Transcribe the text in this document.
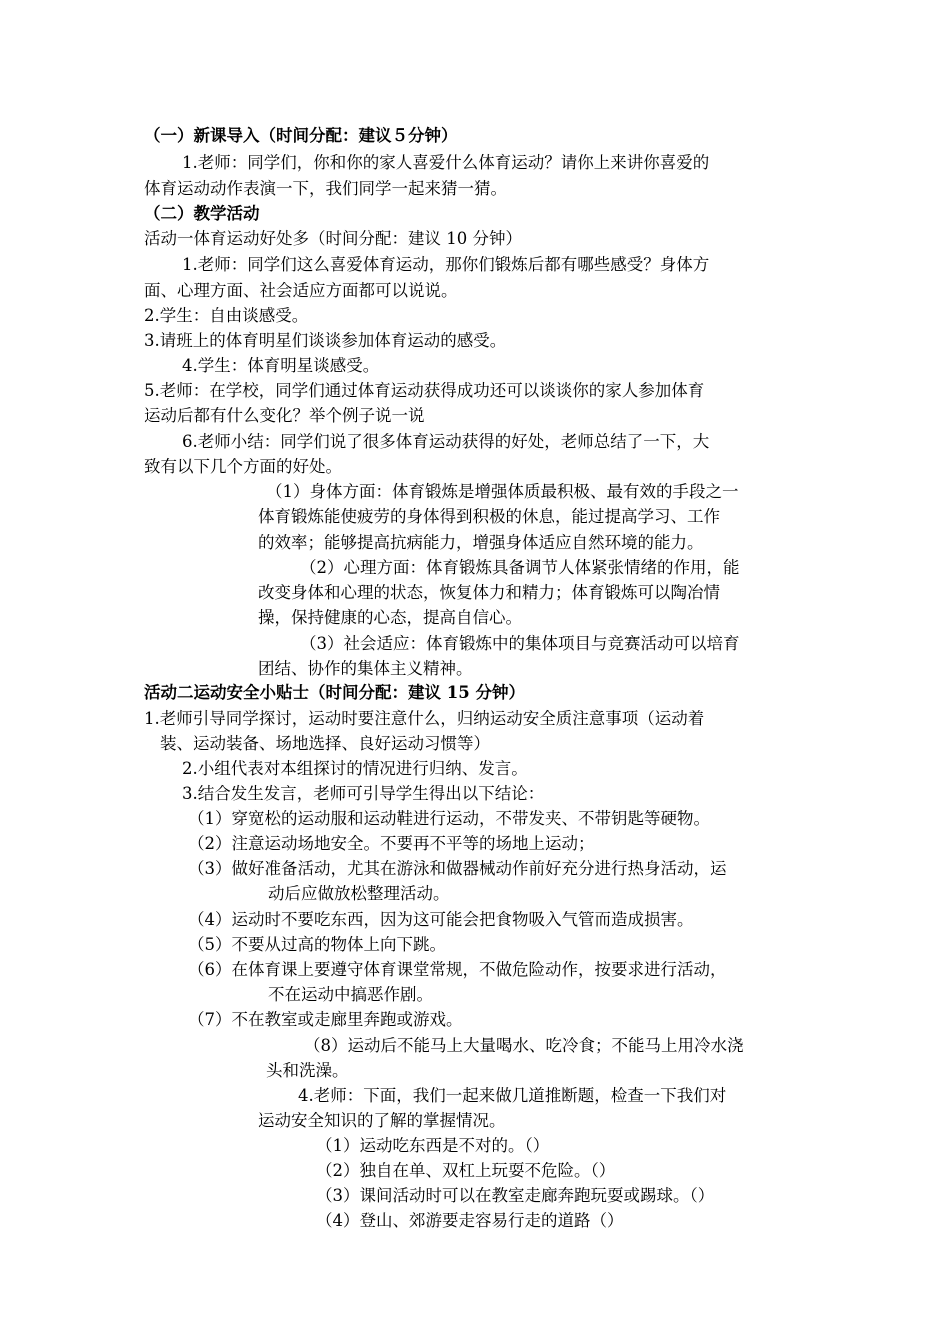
（一）新课导入（时间分配：建议５分钟）
1.老师：同学们，你和你的家人喜爱什么体育运动？请你上来讲你喜爱的
体育运动动作表演一下，我们同学一起来猜一猜。
（二）教学活动
活动一体育运动好处多（时间分配：建议 10 分钟）
1.老师：同学们这么喜爱体育运动，那你们锻炼后都有哪些感受？身体方
面、心理方面、社会适应方面都可以说说。
2.学生：自由谈感受。
3.请班上的体育明星们谈谈参加体育运动的感受。
4.学生：体育明星谈感受。
5.老师：在学校，同学们通过体育运动获得成功还可以谈谈你的家人参加体育
运动后都有什么变化？举个例子说一说
6.老师小结：同学们说了很多体育运动获得的好处，老师总结了一下，大
致有以下几个方面的好处。
（1）身体方面：体育锻炼是增强体质最积极、最有效的手段之一
体育锻炼能使疲劳的身体得到积极的休息，能过提高学习、工作
的效率；能够提高抗病能力，增强身体适应自然环境的能力。
（2）心理方面：体育锻炼具备调节人体紧张情绪的作用，能
改变身体和心理的状态，恢复体力和精力；体育锻炼可以陶冶情
操，保持健康的心态，提高自信心。
（3）社会适应：体育锻炼中的集体项目与竞赛活动可以培育
团结、协作的集体主义精神。
活动二运动安全小贴士（时间分配：建议 15 分钟）
1.老师引导同学探讨，运动时要注意什么，归纳运动安全质注意事项（运动着
装、运动装备、场地选择、良好运动习惯等）
2.小组代表对本组探讨的情况进行归纳、发言。
3.结合发生发言，老师可引导学生得出以下结论：
（1）穿宽松的运动服和运动鞋进行运动，不带发夹、不带钥匙等硬物。
（2）注意运动场地安全。不要再不平等的场地上运动；
（3）做好准备活动，尤其在游泳和做器械动作前好充分进行热身活动，运
动后应做放松整理活动。
（4）运动时不要吃东西，因为这可能会把食物吸入气管而造成损害。
（5）不要从过高的物体上向下跳。
（6）在体育课上要遵守体育课堂常规，不做危险动作，按要求进行活动，
不在运动中搞恶作剧。
（7）不在教室或走廊里奔跑或游戏。
（8）运动后不能马上大量喝水、吃冷食；不能马上用冷水浇
头和洗澡。
4.老师：下面，我们一起来做几道推断题，检查一下我们对
运动安全知识的了解的掌握情况。
（1）运动吃东西是不对的。（）
（2）独自在单、双杠上玩耍不危险。（）
（3）课间活动时可以在教室走廊奔跑玩耍或踢球。（）
（4）登山、郊游要走容易行走的道路（）
